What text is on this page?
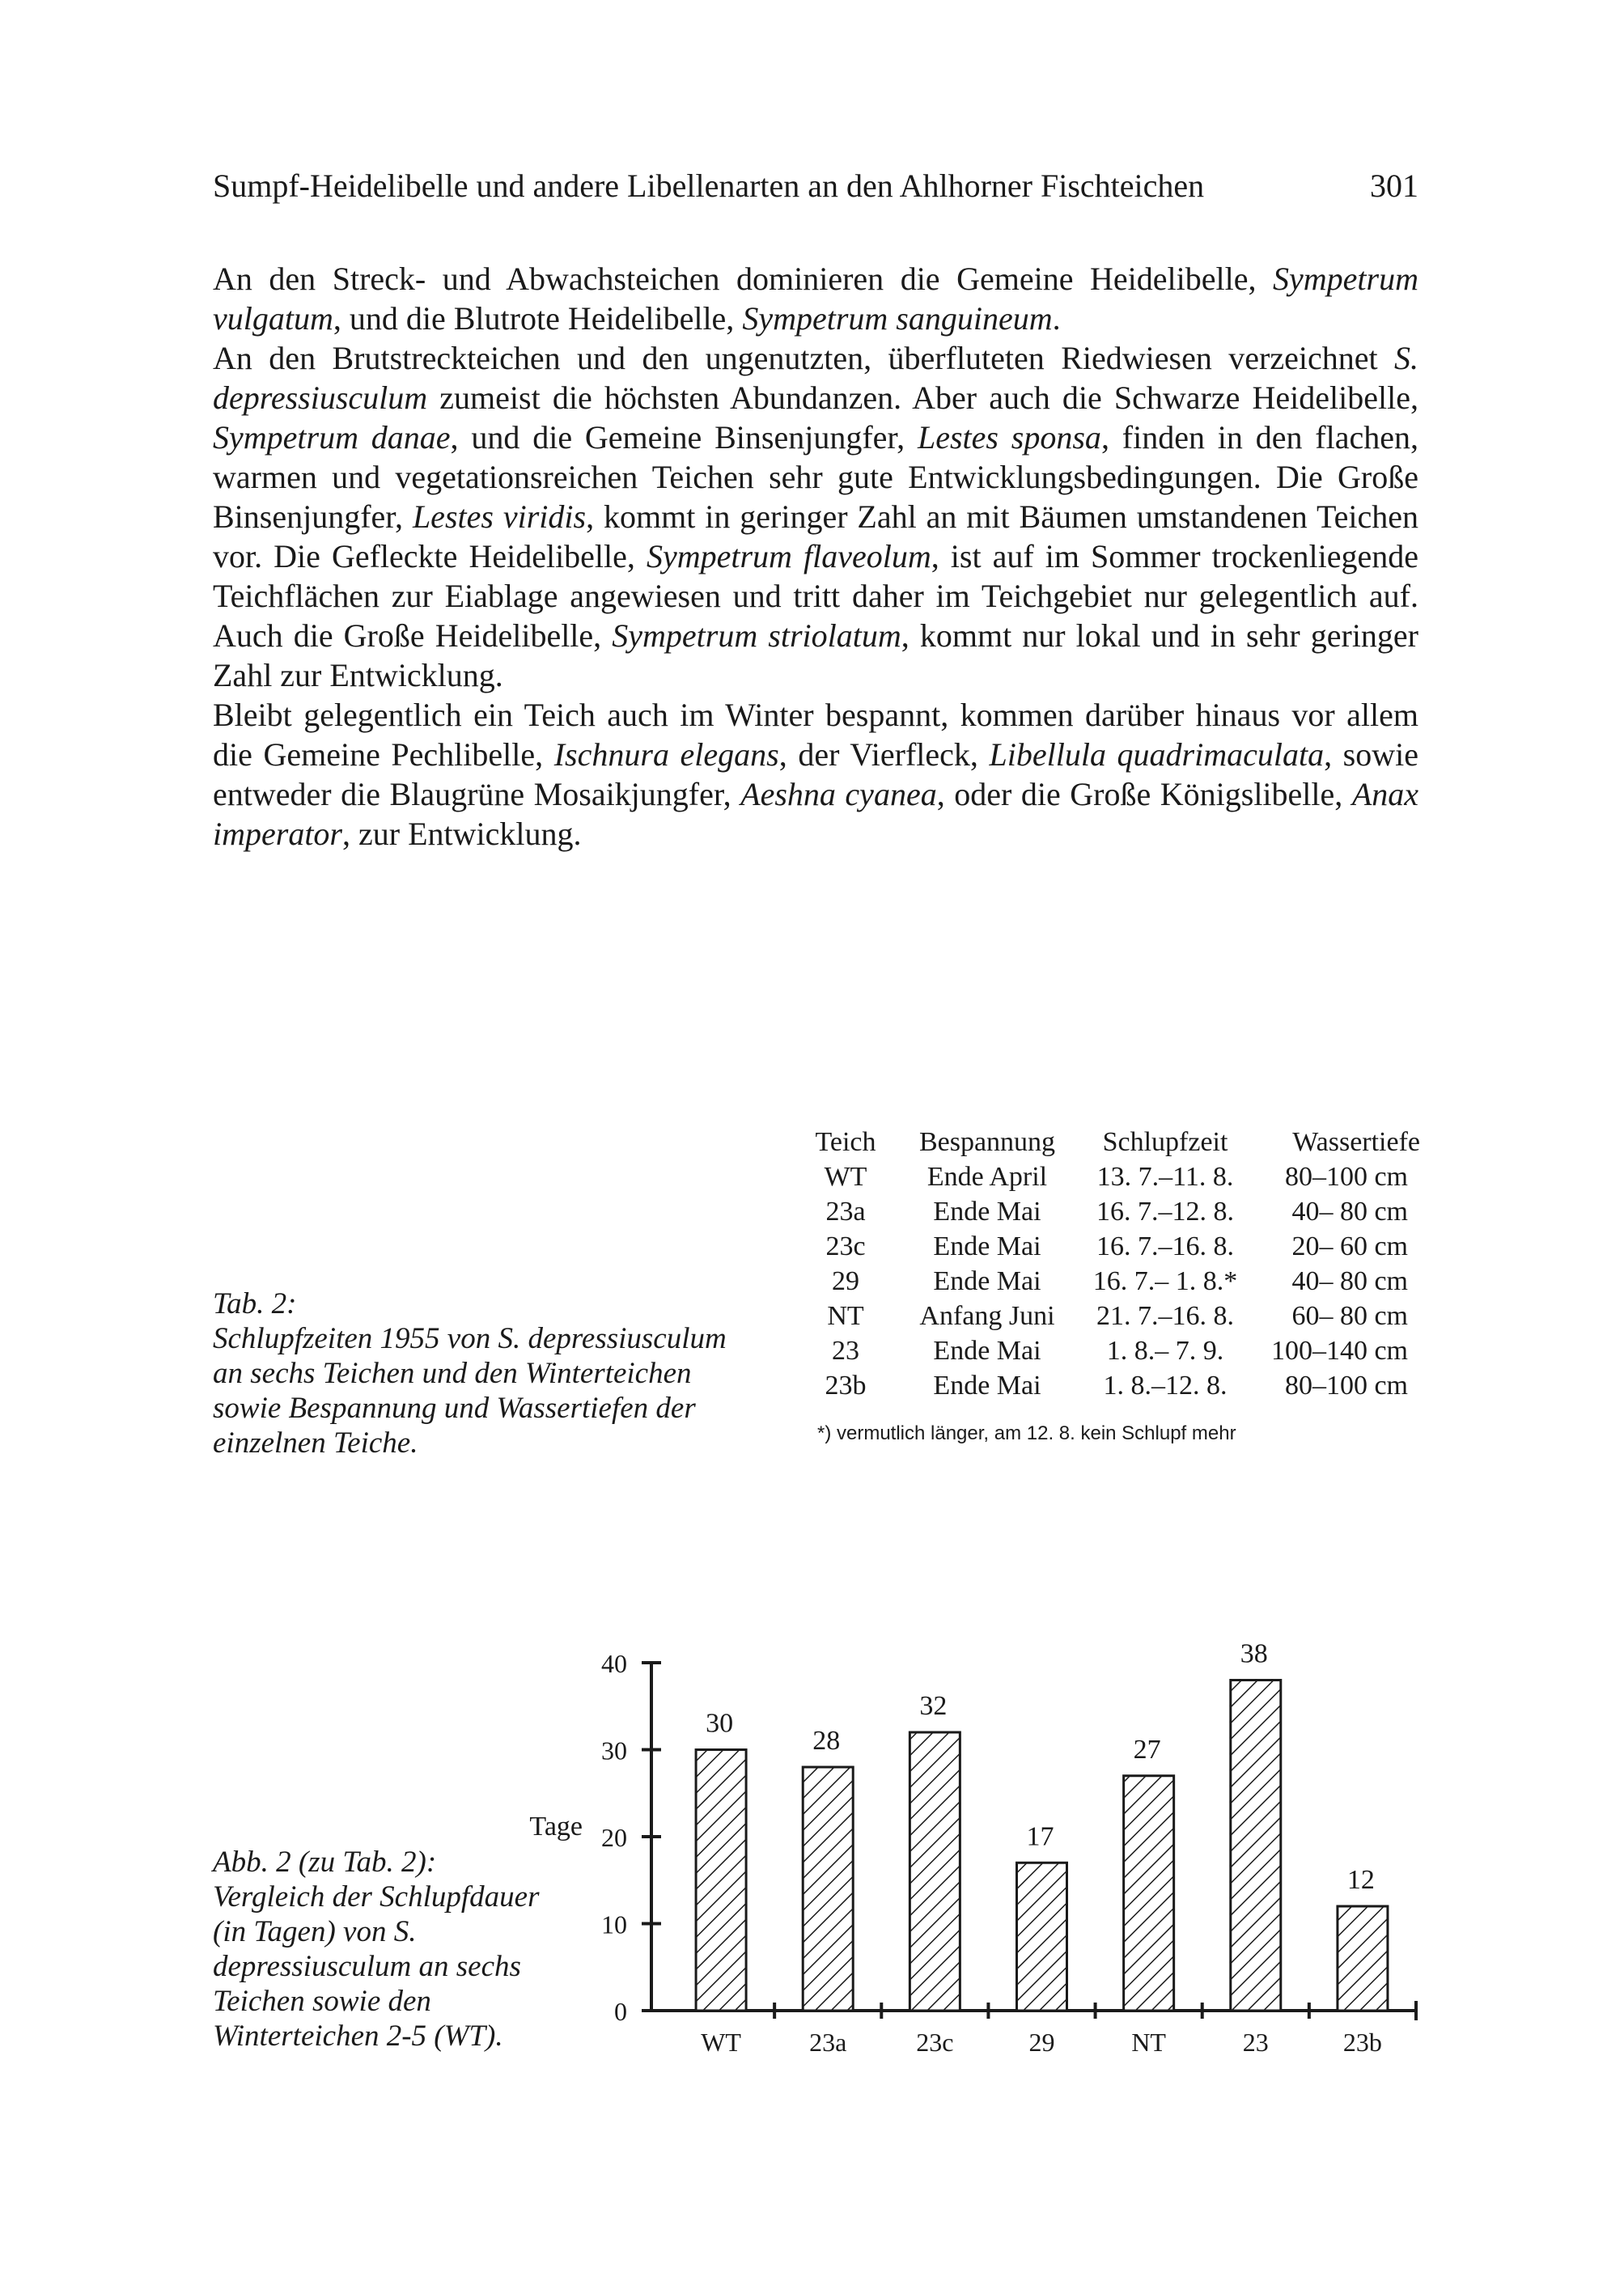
Sumpf-Heidelibelle und andere Libellenarten an den Ahlhorner Fischteichen	301

An den Streck- und Abwachsteichen dominieren die Gemeine Heidelibelle, Sympetrum vulgatum, und die Blutrote Heidelibelle, Sympetrum sanguineum.

An den Brutstreckteichen und den ungenutzten, überfluteten Riedwiesen verzeichnet S. depressiusculum zumeist die höchsten Abundanzen. Aber auch die Schwarze Heidelibelle, Sympetrum danae, und die Gemeine Binsenjungfer, Lestes sponsa, finden in den flachen, warmen und vegetationsreichen Teichen sehr gute Entwicklungsbedingungen. Die Große Binsenjungfer, Lestes viridis, kommt in geringer Zahl an mit Bäumen umstandenen Teichen vor. Die Gefleckte Heidelibelle, Sympetrum flaveolum, ist auf im Sommer trockenliegende Teichflächen zur Eiablage angewiesen und tritt daher im Teichgebiet nur gelegentlich auf. Auch die Große Heidelibelle, Sympetrum striolatum, kommt nur lokal und in sehr geringer Zahl zur Entwicklung.

Bleibt gelegentlich ein Teich auch im Winter bespannt, kommen darüber hinaus vor allem die Gemeine Pechlibelle, Ischnura elegans, der Vierfleck, Libellula quadrimaculata, sowie entweder die Blaugrüne Mosaikjungfer, Aeshna cyanea, oder die Große Königslibelle, Anax imperator, zur Entwicklung.

Tab. 2:

Schlupfzeiten 1955 von S. depressiusculum an sechs Teichen und den Winterteichen sowie Bespannung und Wassertiefen der einzelnen Teiche.

Teich	Bespannung	Schlupfzeit	Wassertiefe
WT	Ende April	13. 7.–11. 8.	80–100 cm
23a	Ende Mai	16. 7.–12. 8.	40– 80 cm
23c	Ende Mai	16. 7.–16. 8.	20– 60 cm
29	Ende Mai	16. 7.– 1. 8.*	40– 80 cm
NT	Anfang Juni	21. 7.–16. 8.	60– 80 cm
23	Ende Mai	1. 8.– 7. 9.	100–140 cm
23b	Ende Mai	1. 8.–12. 8.	80–100 cm
*) vermutlich länger, am 12. 8. kein Schlupf mehr

Abb. 2 (zu Tab. 2):

Vergleich der Schlupfdauer (in Tagen) von S. depressiusculum an sechs Teichen sowie den Winterteichen 2-5 (WT).

Tage
0
10
20
30
40
WT	23a	23c	29	NT	23	23b
30
28
32
17
27
38
12
